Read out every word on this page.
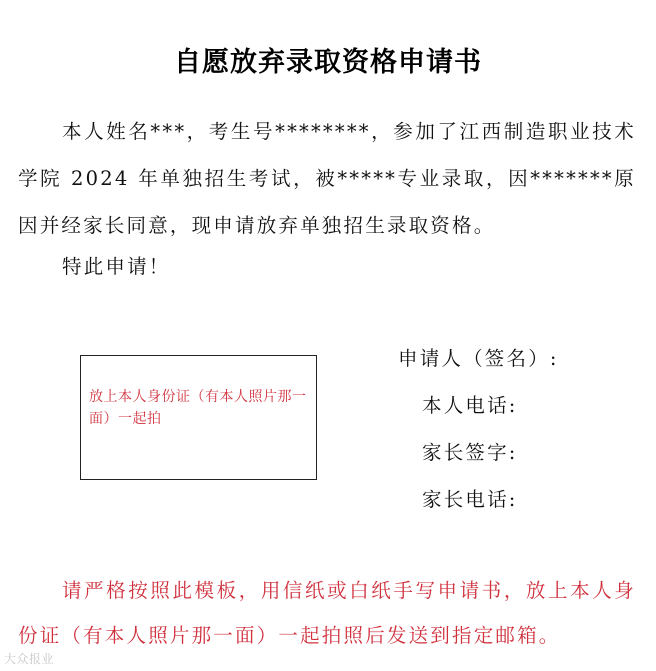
自愿放弃录取资格申请书

本人姓名***，考生号********，参加了江西制造职业技术学院 2024 年单独招生考试，被*****专业录取，因*******原因并经家长同意，现申请放弃单独招生录取资格。

特此申请！

放上本人身份证（有本人照片那一面）一起拍
申请人（签名）:
本人电话:
家长签字:
家长电话:

请严格按照此模板，用信纸或白纸手写申请书，放上本人身份证（有本人照片那一面）一起拍照后发送到指定邮箱。

大众报业
